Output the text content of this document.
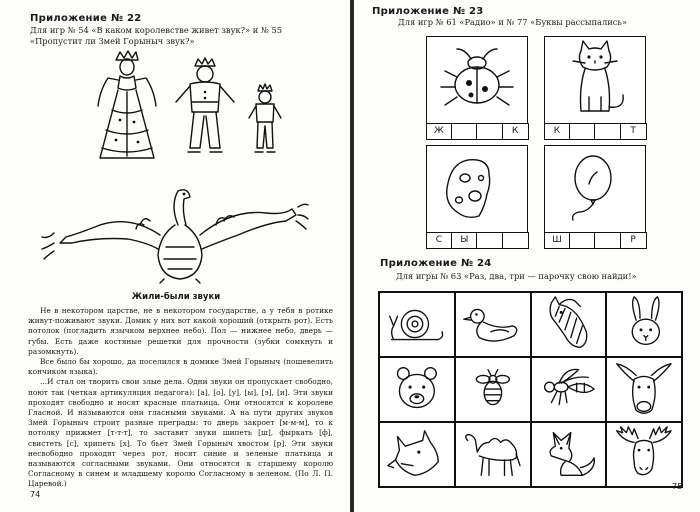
Приложение № 22
Для игр № 54 «В каком королевстве живет звук?» и № 55 «Пропустит ли Змей Горыныч звук?»
Жили-были звуки

Не в некотором царстве, не в некотором государстве, а у тебя в ротике живут-поживают звуки. Домик у них вот какой хороший (открыть рот). Есть потолок (погладить язычком верхнее небо). Пол — нижнее небо, дверь — губы. Есть даже костяные решетки для прочности (зубки сомкнуть и разомкнуть).

Все было бы хорошо, да поселился в домике Змей Горыныч (пошевелить кончиком языка).

...И стал он творить свои злые дела. Одни звуки он пропускает свободно, поют так (четкая артикуляция педагога): [а], [о], [у], [ы], [э], [и]. Эти звуки проходят свободно и носят красные платьица. Они относятся к королеве Гласной. И называются они гласными звуками. А на пути других звуков Змей Горыныч строит разные преграды: то дверь закроет [м-м-м], то к потолку прижмет [т-т-т], то заставит звуки шипеть [ш], фыркать [ф], свистеть [с], хрипеть [х]. То бьет Змей Горыныч хвостом [р]. Эти звуки несвободно проходят через рот, носят синие и зеленые платьица и называются согласными звуками. Они относятся к старшему королю Согласному в синем и младшему королю Согласному в зеленом. (По Л. П. Царевой.)

74
Приложение № 23
Для игр № 61 «Радио» и № 77 «Буквы рассыпались»
Ж	К	К	Т
С	Ы	Ш	Р
Приложение № 24
Для игры № 63 «Раз, два, три — парочку свою найди!»
75
